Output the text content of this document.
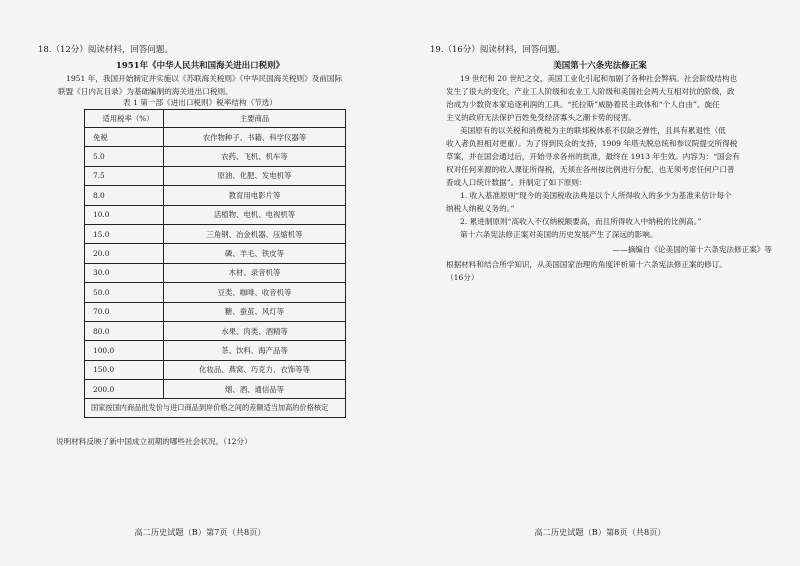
18.（12分）阅读材料，回答问题。
1951年《中华人民共和国海关进出口税则》
1951 年，我国开始制定并实施以《苏联海关税则》《中华民国海关税则》及前国际
联盟《日内瓦目录》为基础编制的海关进出口税则。
表 1 第一部《进出口税则》税率结构（节选）
适用税率（%）	主要商品
免税	农作物种子、书籍、科学仪器等
5.0	农药、飞机、机车等
7.5	原油、化肥、发电机等
8.0	教育用电影片等
10.0	活植物、电机、电视机等
15.0	三角钢、冶金机器、压缩机等
20.0	磷、羊毛、铁皮等
30.0	木材、录音机等
50.0	豆类、咖啡、收音机等
70.0	糖、蚕茧、风灯等
80.0	水果、肉类、酒精等
100.0	茶、饮料、海产品等
150.0	化妆品、燕窝、巧克力、衣饰等等
200.0	烟、酒、通信品等
国家按国内商品批发价与进口商品到岸价格之间的差额适当加高的价格核定	
说明材料反映了新中国成立初期的哪些社会状况。（12分）
高二历史试题（B）第7页（共8页）
19.（16分）阅读材料，回答问题。
美国第十六条宪法修正案
19 世纪和 20 世纪之交，美国工业化引起和加剧了各种社会弊病。社会阶级结构也
发生了很大的变化，产业工人阶级和农业工人阶级和美国社会两大互相对抗的阶级，政
治成为少数资本家追逐利润的工具。“托拉斯”威胁着民主政体和“个人自由”。旋任
主义的政府无法保护百姓免受经济寡头之潮卡势的侵害。
美国原有的以关税和消费税为主的联邦税体系不仅缺乏弹性，且具有累退性（低
收入者负担相对更重）。为了得到民众的支持，1909 年塔夫脱总统和参议院提交所得税
草案，并在国会通过后，开始寻求各州的批准，最终在 1913 年生效。内容为：“国会有
权对任何来源的收入课征所得税，无须在各州按比例进行分配，也无须考虑任何户口普
查或人口统计数据”。并制定了如下原则：
1. 收入基准原则“现今的美国税收法典是以个人所得收入的多少为基准来估计每个
纳税人纳税义务的。”
2. 累进制原则“高收入不仅纳税额要高，而且所得收入中纳税的比例高。”
第十六条宪法修正案对美国的历史发展产生了深远的影响。
——摘编自《论美国的第十六条宪法修正案》等
根据材料和结合所学知识，从美国国家治理的角度评析第十六条宪法修正案的修订。
（16分）
高二历史试题（B）第8页（共8页）
